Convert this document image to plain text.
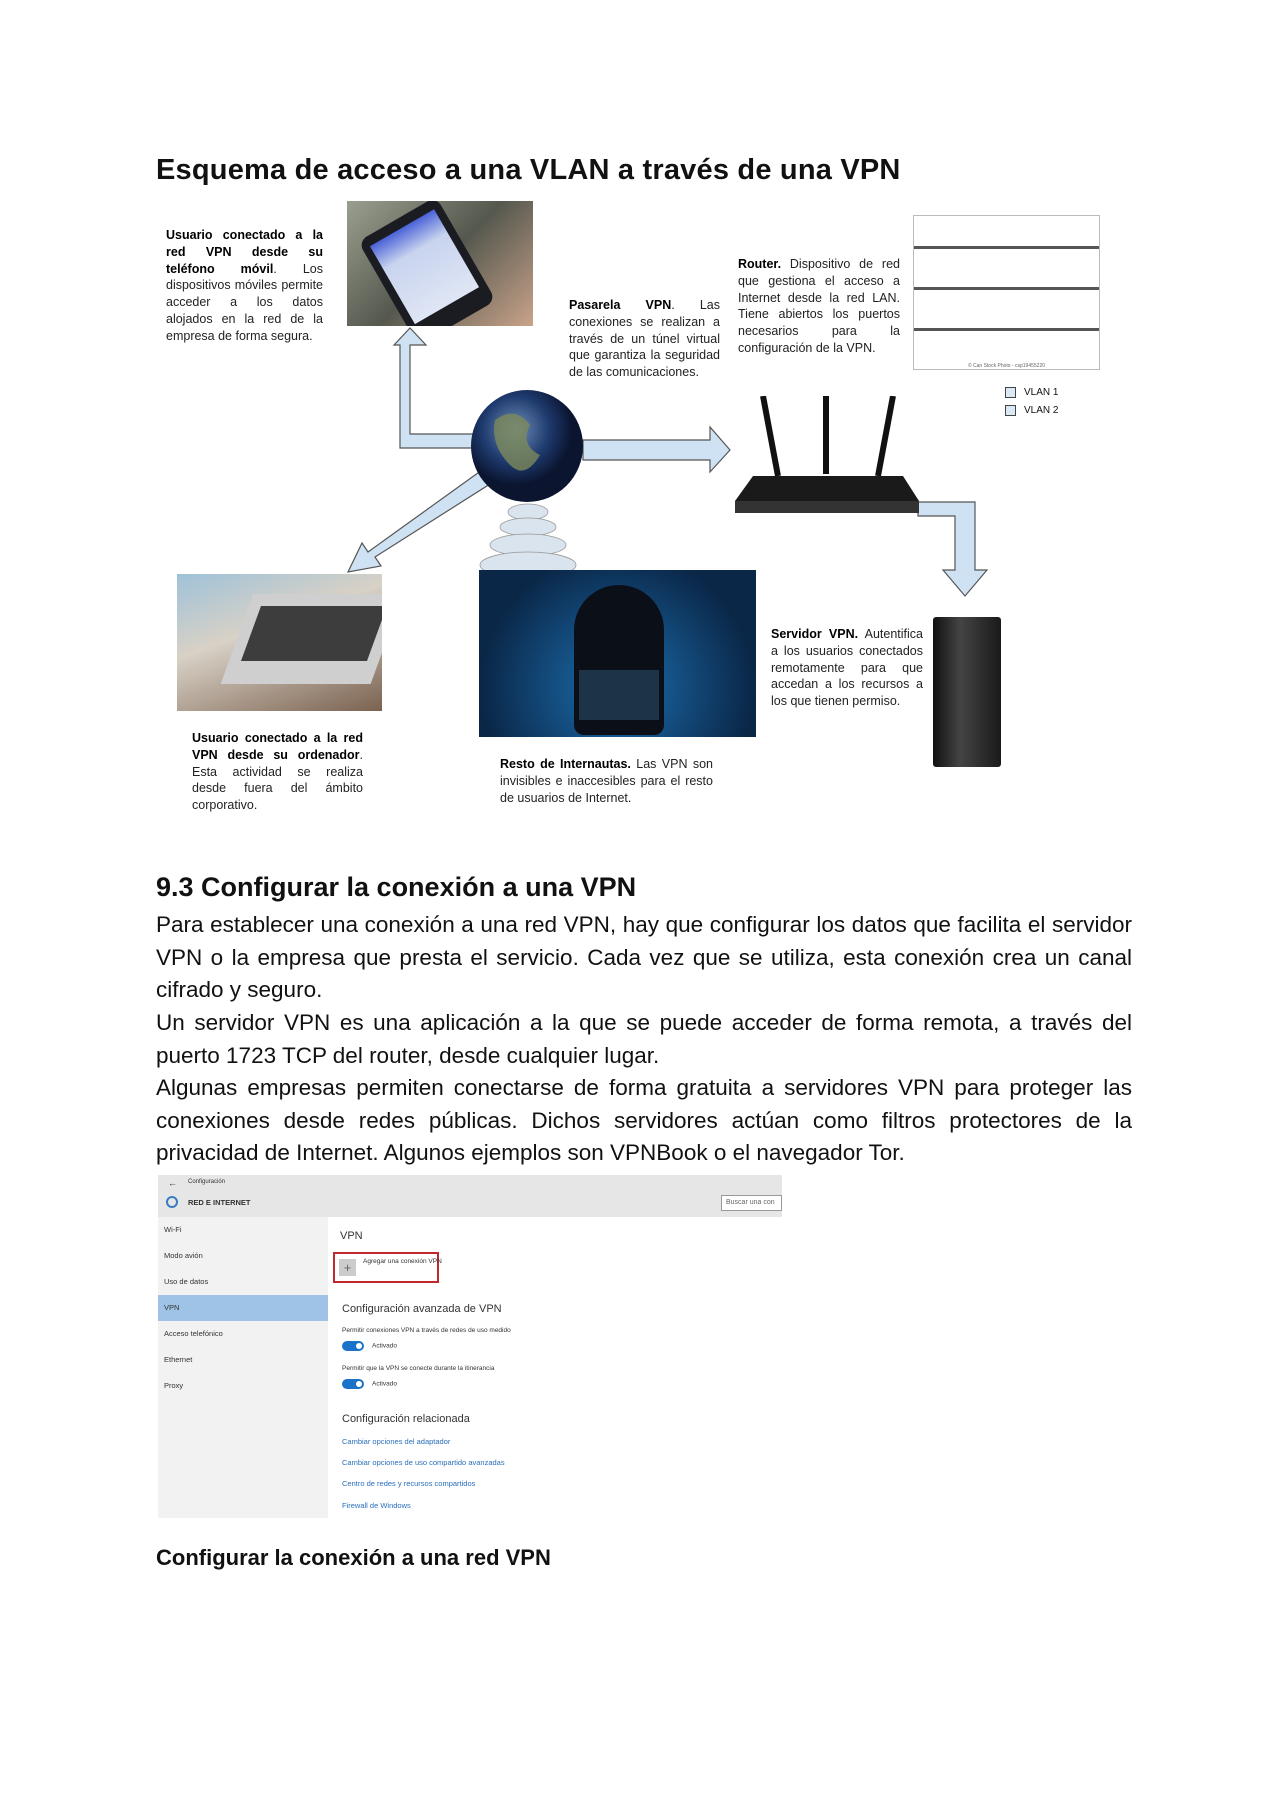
Esquema de acceso a una VLAN a través de una VPN
Usuario conectado a la red VPN desde su teléfono móvil. Los dispositivos móviles permite acceder a los datos alojados en la red de la empresa de forma segura.
Pasarela VPN. Las conexiones se realizan a través de un túnel virtual que garantiza la seguridad de las comunicaciones.
Router. Dispositivo de red que gestiona el acceso a Internet desde la red LAN. Tiene abiertos los puertos necesarios para la configuración de la VPN.
© Can Stock Photo - csp19455220
VLAN 1
VLAN 2
Servidor VPN. Autentifica a los usuarios conectados remotamente para que accedan a los recursos a los que tienen permiso.
Usuario conectado a la red VPN desde su ordenador. Esta actividad se realiza desde fuera del ámbito corporativo.
Resto de Internautas. Las VPN son invisibles e inaccesibles para el resto de usuarios de Internet.
9.3 Configurar la conexión a una VPN
Para establecer una conexión a una red VPN, hay que configurar los datos que facilita el servidor VPN o la empresa que presta el servicio. Cada vez que se utiliza, esta conexión crea un canal cifrado y seguro.
Un servidor VPN es una aplicación a la que se puede acceder de forma remota, a través del puerto 1723 TCP del router, desde cualquier lugar.
Algunas empresas permiten conectarse de forma gratuita a servidores VPN para proteger las conexiones desde redes públicas. Dichos servidores actúan como filtros protectores de la privacidad de Internet. Algunos ejemplos son VPNBook o el navegador Tor.
← Configuración
RED E INTERNET	Buscar una con
Wi-Fi
Modo avión
Uso de datos
VPN
Acceso telefónico
Ethernet
Proxy
VPN
+	Agregar una conexión VPN
Configuración avanzada de VPN
Permitir conexiones VPN a través de redes de uso medido
Activado
Permitir que la VPN se conecte durante la itinerancia
Activado
Configuración relacionada
Cambiar opciones del adaptador
Cambiar opciones de uso compartido avanzadas
Centro de redes y recursos compartidos
Firewall de Windows
Configurar la conexión a una red VPN
